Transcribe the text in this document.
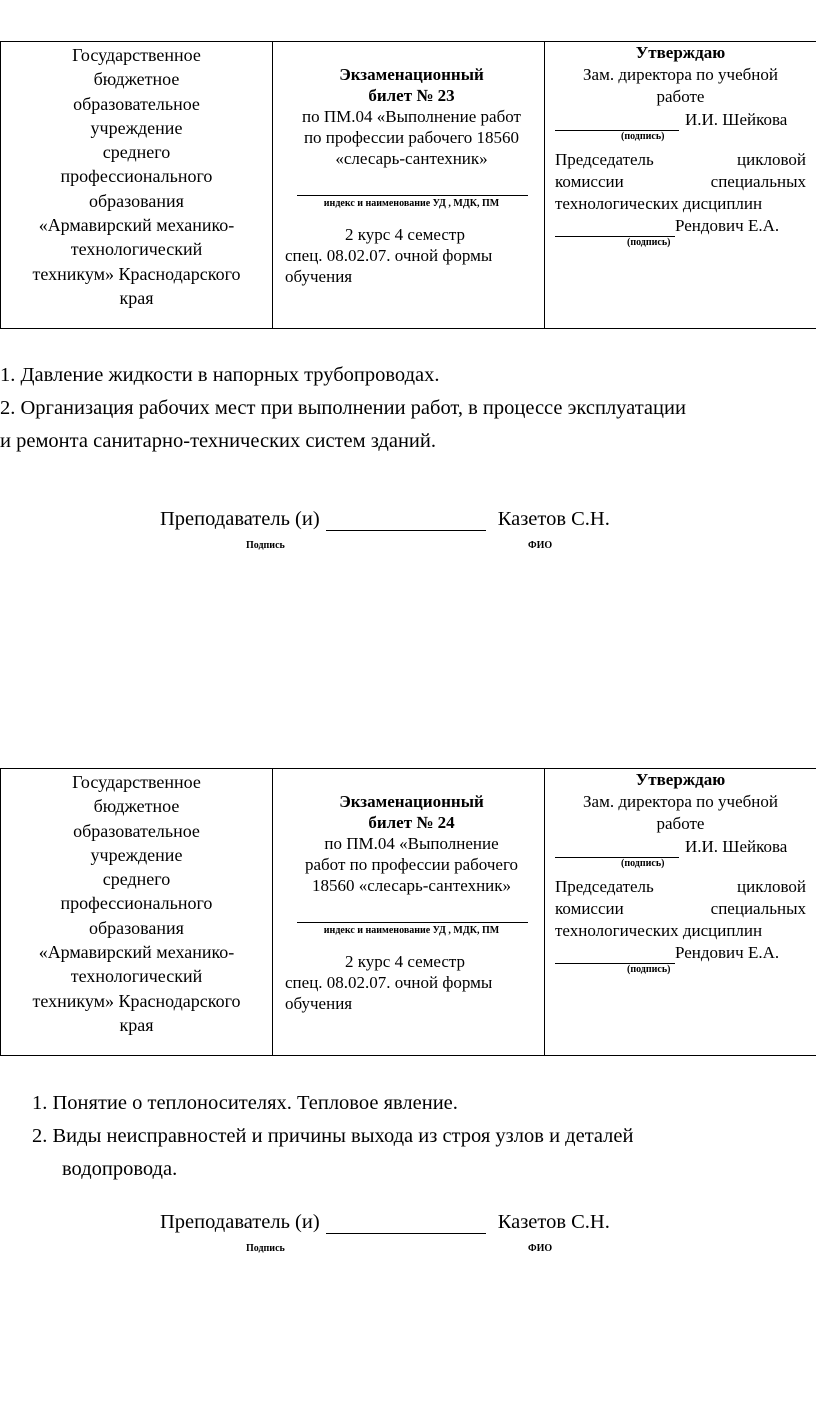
Государственное
бюджетное
образовательное
учреждение
среднего
профессионального
образования
«Армавирский механико-
технологический
техникум» Краснодарского
края

Экзаменационный
билет № 23
по ПМ.04 «Выполнение работ
по профессии рабочего 18560
«слесарь-сантехник»
индекс и наименование УД , МДК, ПМ
2 курс 4 семестр
спец. 08.02.07. очной формы
обучения

Утверждаю
Зам. директора по учебной
работе
И.И. Шейкова
(подпись)
Председатель	цикловой
комиссии	специальных
технологических дисциплин
Рендович Е.А.
(подпись)
1. Давление жидкости в напорных трубопроводах.
2. Организация рабочих мест при выполнении работ, в процессе эксплуатации
и ремонта санитарно-технических систем зданий.
Преподаватель (и)	Казетов С.Н.
Подпись	ФИО
Государственное
бюджетное
образовательное
учреждение
среднего
профессионального
образования
«Армавирский механико-
технологический
техникум» Краснодарского
края

Экзаменационный
билет № 24
по ПМ.04 «Выполнение
работ по профессии рабочего
18560 «слесарь-сантехник»
индекс и наименование УД , МДК, ПМ
2 курс 4 семестр
спец. 08.02.07. очной формы
обучения

Утверждаю
Зам. директора по учебной
работе
И.И. Шейкова
(подпись)
Председатель	цикловой
комиссии	специальных
технологических дисциплин
Рендович Е.А.
(подпись)
1. Понятие о теплоносителях. Тепловое явление.
2. Виды неисправностей и причины выхода из строя узлов и деталей
водопровода.
Преподаватель (и)	Казетов С.Н.
Подпись	ФИО
